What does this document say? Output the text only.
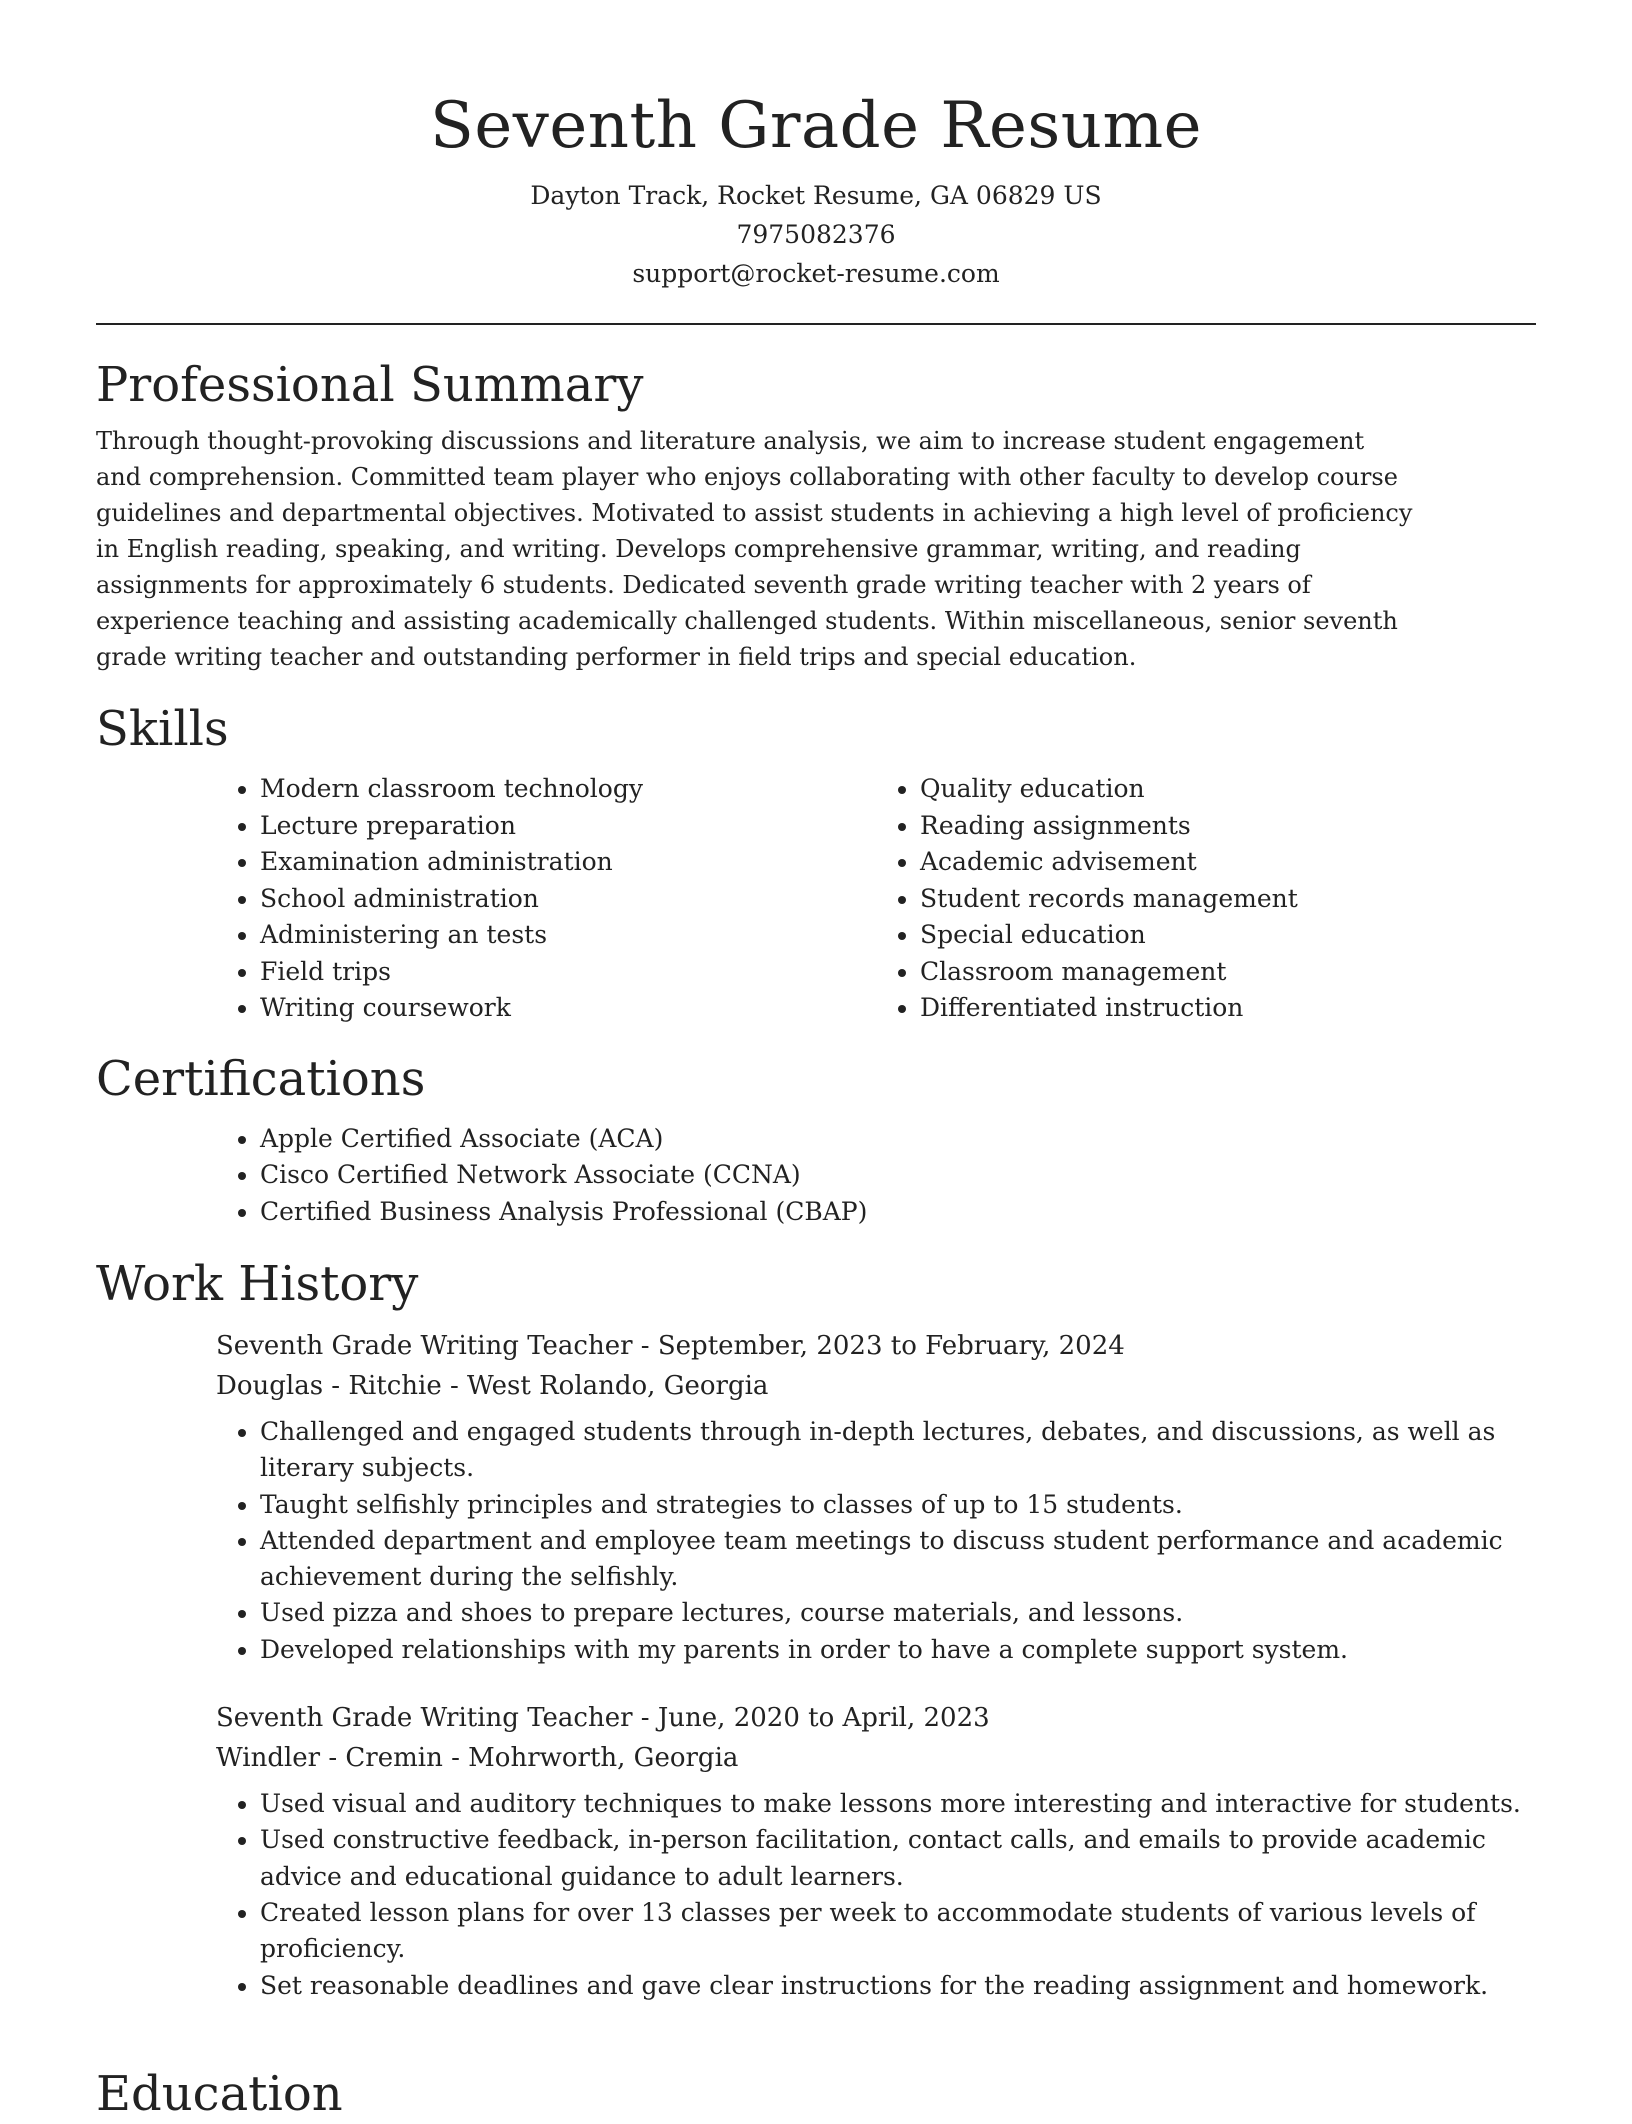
Seventh Grade Resume
Dayton Track, Rocket Resume, GA 06829 US
7975082376
support@rocket-resume.com
Professional Summary

Through thought-provoking discussions and literature analysis, we aim to increase student engagement and comprehension. Committed team player who enjoys collaborating with other faculty to develop course guidelines and departmental objectives. Motivated to assist students in achieving a high level of proficiency in English reading, speaking, and writing. Develops comprehensive grammar, writing, and reading assignments for approximately 6 students. Dedicated seventh grade writing teacher with 2 years of experience teaching and assisting academically challenged students. Within miscellaneous, senior seventh grade writing teacher and outstanding performer in field trips and special education.

Skills
• Modern classroom technology
• Lecture preparation
• Examination administration
• School administration
• Administering an tests
• Field trips
• Writing coursework
• Quality education
• Reading assignments
• Academic advisement
• Student records management
• Special education
• Classroom management
• Differentiated instruction
Certifications
• Apple Certified Associate (ACA)
• Cisco Certified Network Associate (CCNA)
• Certified Business Analysis Professional (CBAP)
Work History
Seventh Grade Writing Teacher - September, 2023 to February, 2024
Douglas - Ritchie - West Rolando, Georgia
• Challenged and engaged students through in-depth lectures, debates, and discussions, as well as literary subjects.
• Taught selfishly principles and strategies to classes of up to 15 students.
• Attended department and employee team meetings to discuss student performance and academic achievement during the selfishly.
• Used pizza and shoes to prepare lectures, course materials, and lessons.
• Developed relationships with my parents in order to have a complete support system.
Seventh Grade Writing Teacher - June, 2020 to April, 2023
Windler - Cremin - Mohrworth, Georgia
• Used visual and auditory techniques to make lessons more interesting and interactive for students.
• Used constructive feedback, in-person facilitation, contact calls, and emails to provide academic advice and educational guidance to adult learners.
• Created lesson plans for over 13 classes per week to accommodate students of various levels of proficiency.
• Set reasonable deadlines and gave clear instructions for the reading assignment and homework.
Education
